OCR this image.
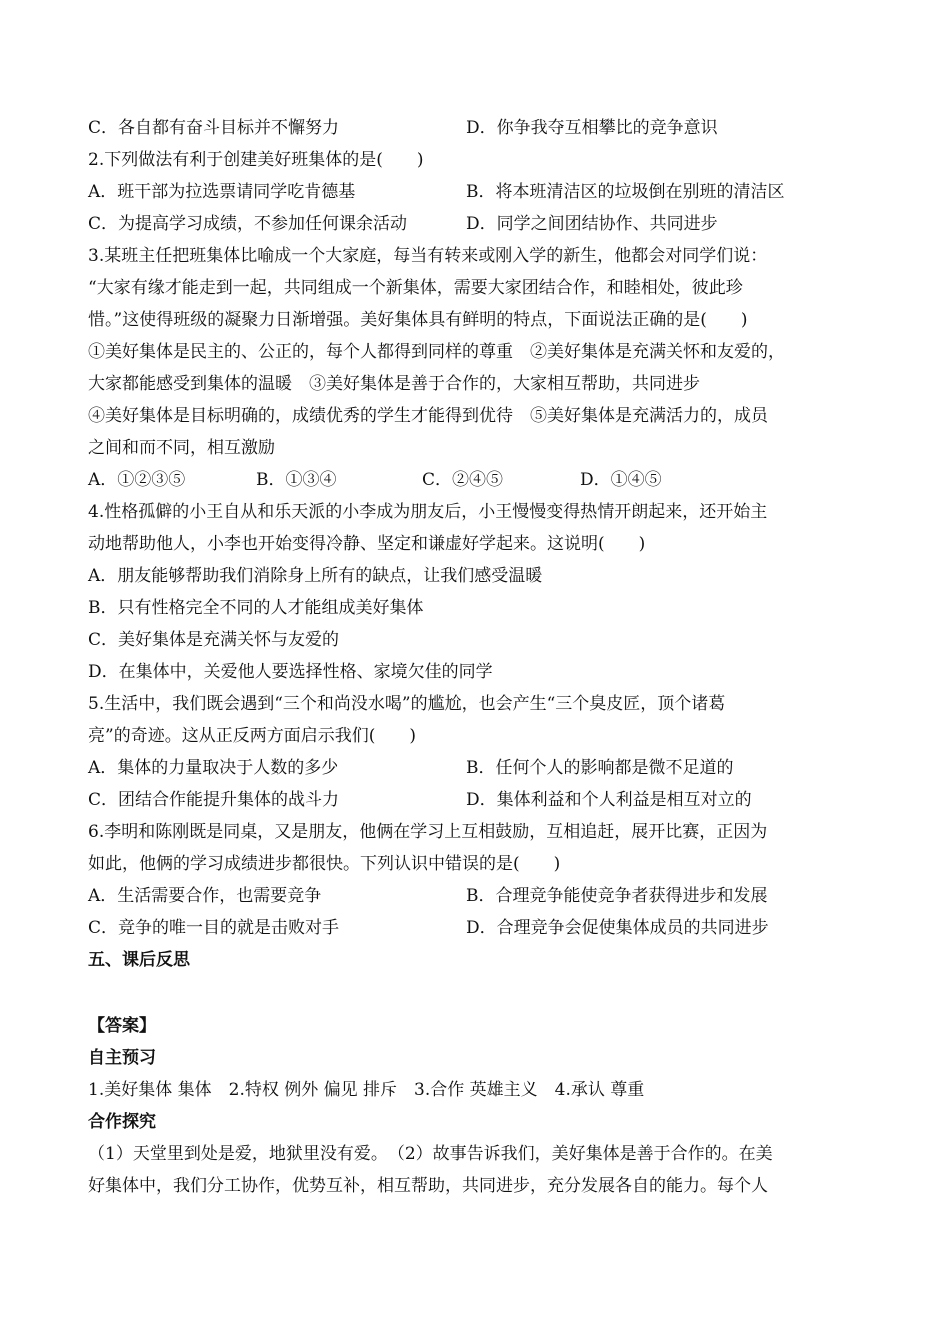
C．各自都有奋斗目标并不懈努力	D．你争我夺互相攀比的竞争意识
2.下列做法有利于创建美好班集体的是(　　)
A．班干部为拉选票请同学吃肯德基	B．将本班清洁区的垃圾倒在别班的清洁区
C．为提高学习成绩，不参加任何课余活动	D．同学之间团结协作、共同进步
3.某班主任把班集体比喻成一个大家庭，每当有转来或刚入学的新生，他都会对同学们说：
“大家有缘才能走到一起，共同组成一个新集体，需要大家团结合作，和睦相处，彼此珍
惜。”这使得班级的凝聚力日渐增强。美好集体具有鲜明的特点，下面说法正确的是(　　)
①美好集体是民主的、公正的，每个人都得到同样的尊重　②美好集体是充满关怀和友爱的，
大家都能感受到集体的温暖　③美好集体是善于合作的，大家相互帮助，共同进步
④美好集体是目标明确的，成绩优秀的学生才能得到优待　⑤美好集体是充满活力的，成员
之间和而不同，相互激励
A．①②③⑤	B．①③④	C．②④⑤	D．①④⑤
4.性格孤僻的小王自从和乐天派的小李成为朋友后，小王慢慢变得热情开朗起来，还开始主
动地帮助他人，小李也开始变得冷静、坚定和谦虚好学起来。这说明(　　)
A．朋友能够帮助我们消除身上所有的缺点，让我们感受温暖
B．只有性格完全不同的人才能组成美好集体
C．美好集体是充满关怀与友爱的
D．在集体中，关爱他人要选择性格、家境欠佳的同学
5.生活中，我们既会遇到“三个和尚没水喝”的尴尬，也会产生“三个臭皮匠，顶个诸葛
亮”的奇迹。这从正反两方面启示我们(　　)
A．集体的力量取决于人数的多少	B．任何个人的影响都是微不足道的
C．团结合作能提升集体的战斗力	D．集体利益和个人利益是相互对立的
6.李明和陈刚既是同桌，又是朋友，他俩在学习上互相鼓励，互相追赶，展开比赛，正因为
如此，他俩的学习成绩进步都很快。下列认识中错误的是(　　)
A．生活需要合作，也需要竞争	B．合理竞争能使竞争者获得进步和发展
C．竞争的唯一目的就是击败对手	D．合理竞争会促使集体成员的共同进步
五、课后反思
【答案】
自主预习
1.美好集体 集体　2.特权 例外 偏见 排斥　3.合作 英雄主义　4.承认 尊重
合作探究
（1）天堂里到处是爱，地狱里没有爱。　（2）故事告诉我们，美好集体是善于合作的。在美
好集体中，我们分工协作，优势互补，相互帮助，共同进步，充分发展各自的能力。每个人
